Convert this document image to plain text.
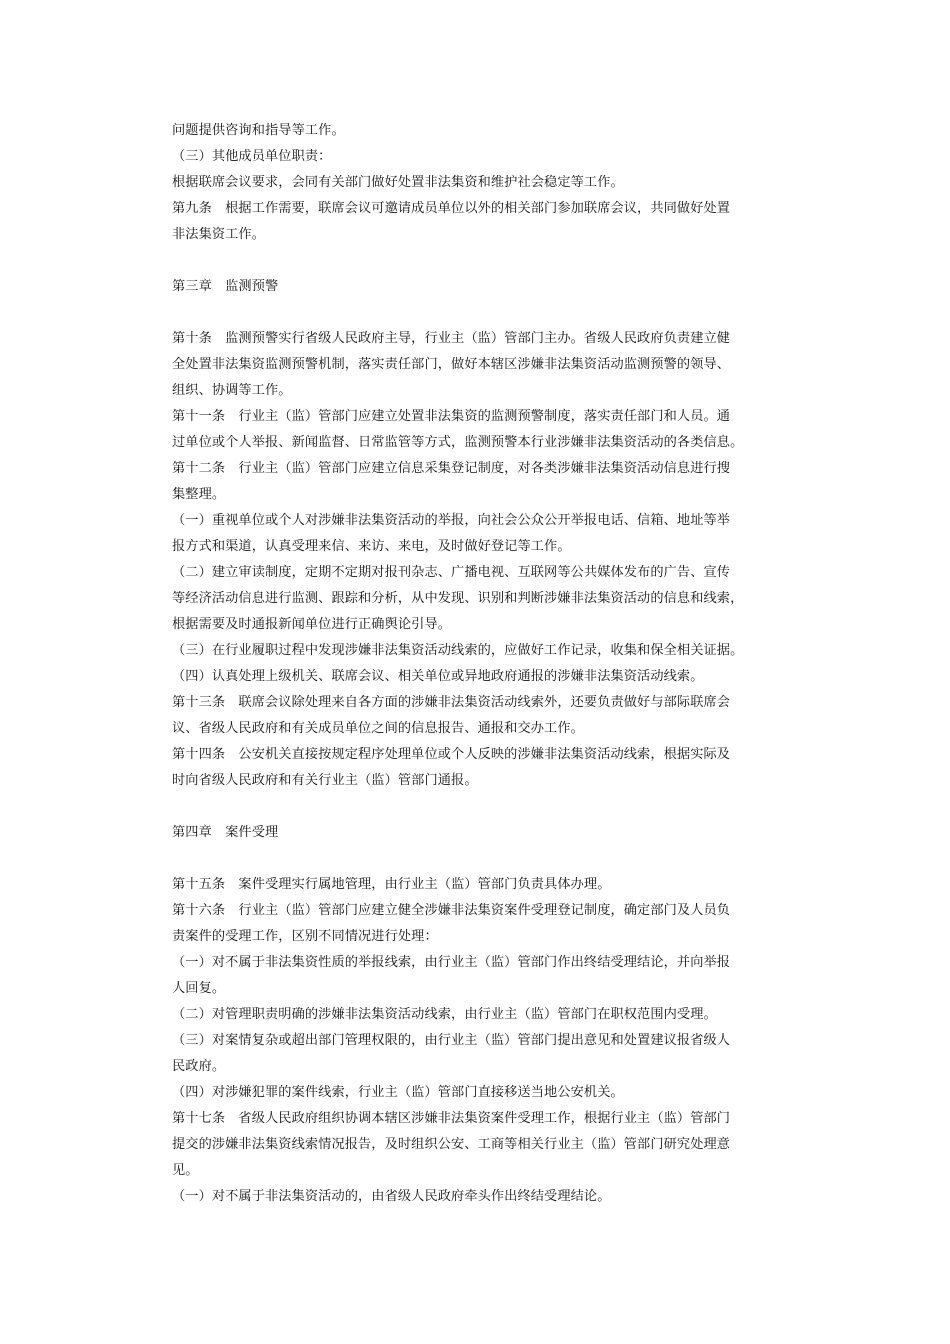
问题提供咨询和指导等工作。
（三）其他成员单位职责：
根据联席会议要求，会同有关部门做好处置非法集资和维护社会稳定等工作。
第九条　根据工作需要，联席会议可邀请成员单位以外的相关部门参加联席会议，共同做好处置
非法集资工作。
第三章　监测预警
第十条　监测预警实行省级人民政府主导，行业主（监）管部门主办。省级人民政府负责建立健
全处置非法集资监测预警机制，落实责任部门，做好本辖区涉嫌非法集资活动监测预警的领导、
组织、协调等工作。
第十一条　行业主（监）管部门应建立处置非法集资的监测预警制度，落实责任部门和人员。通
过单位或个人举报、新闻监督、日常监管等方式，监测预警本行业涉嫌非法集资活动的各类信息。
第十二条　行业主（监）管部门应建立信息采集登记制度，对各类涉嫌非法集资活动信息进行搜
集整理。
（一）重视单位或个人对涉嫌非法集资活动的举报，向社会公众公开举报电话、信箱、地址等举
报方式和渠道，认真受理来信、来访、来电，及时做好登记等工作。
（二）建立审读制度，定期不定期对报刊杂志、广播电视、互联网等公共媒体发布的广告、宣传
等经济活动信息进行监测、跟踪和分析，从中发现、识别和判断涉嫌非法集资活动的信息和线索，
根据需要及时通报新闻单位进行正确舆论引导。
（三）在行业履职过程中发现涉嫌非法集资活动线索的，应做好工作记录，收集和保全相关证据。
（四）认真处理上级机关、联席会议、相关单位或异地政府通报的涉嫌非法集资活动线索。
第十三条　联席会议除处理来自各方面的涉嫌非法集资活动线索外，还要负责做好与部际联席会
议、省级人民政府和有关成员单位之间的信息报告、通报和交办工作。
第十四条　公安机关直接按规定程序处理单位或个人反映的涉嫌非法集资活动线索，根据实际及
时向省级人民政府和有关行业主（监）管部门通报。
第四章　案件受理
第十五条　案件受理实行属地管理，由行业主（监）管部门负责具体办理。
第十六条　行业主（监）管部门应建立健全涉嫌非法集资案件受理登记制度，确定部门及人员负
责案件的受理工作，区别不同情况进行处理：
（一）对不属于非法集资性质的举报线索，由行业主（监）管部门作出终结受理结论，并向举报
人回复。
（二）对管理职责明确的涉嫌非法集资活动线索，由行业主（监）管部门在职权范围内受理。
（三）对案情复杂或超出部门管理权限的，由行业主（监）管部门提出意见和处置建议报省级人
民政府。
（四）对涉嫌犯罪的案件线索，行业主（监）管部门直接移送当地公安机关。
第十七条　省级人民政府组织协调本辖区涉嫌非法集资案件受理工作，根据行业主（监）管部门
提交的涉嫌非法集资线索情况报告，及时组织公安、工商等相关行业主（监）管部门研究处理意
见。
（一）对不属于非法集资活动的，由省级人民政府牵头作出终结受理结论。
